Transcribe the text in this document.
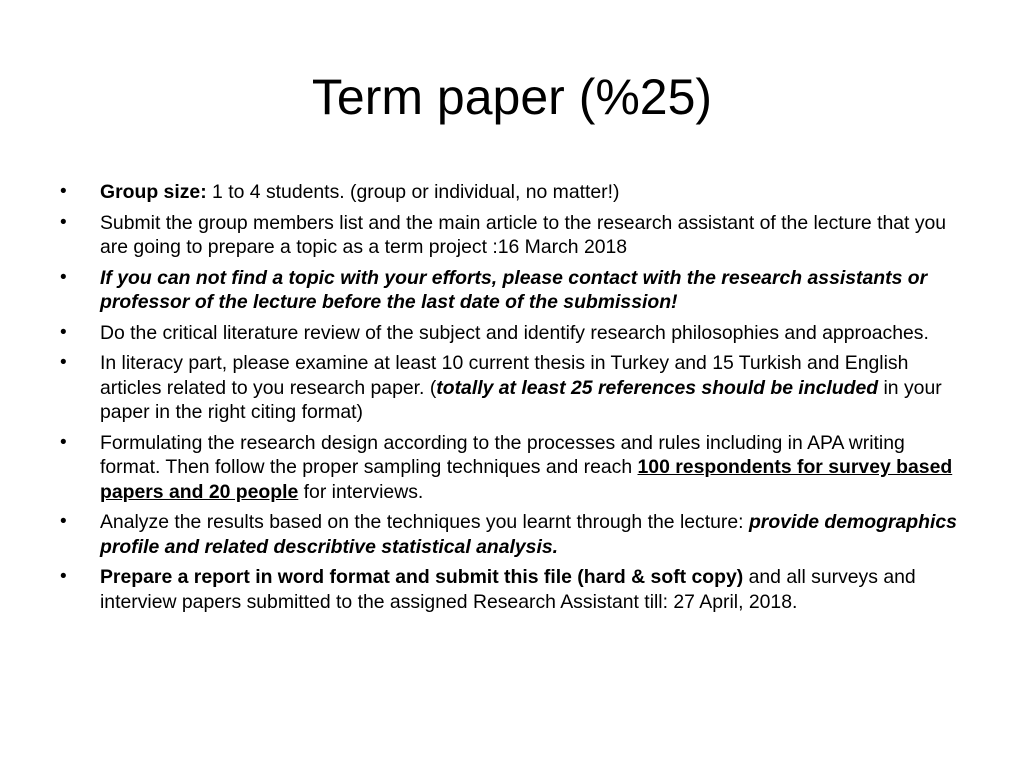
Term paper (%25)
•	Group size: 1 to 4 students. (group or individual, no matter!)
•	Submit the group members list and the main article to the research assistant of the lecture that you are going to prepare a topic as a term project :16 March 2018
•	If you can not find a topic with your efforts, please contact with the research assistants or professor of the lecture before the last date of the submission!
•	Do the critical literature review of the subject and identify research philosophies and approaches.
•	In literacy part, please examine at least 10 current thesis in Turkey and 15 Turkish and English articles related to you research paper. (totally at least 25 references should be included in your paper in the right citing format)
•	Formulating the research design according to the processes and rules including in APA writing format. Then follow the proper sampling techniques and reach 100 respondents for survey based papers and 20 people for interviews.
•	Analyze the results based on the techniques you learnt through the lecture: provide demographics profile and related describtive statistical analysis.
•	Prepare a report in word format and submit this file (hard & soft copy) and all surveys and interview papers submitted to the assigned Research Assistant till: 27 April, 2018.
